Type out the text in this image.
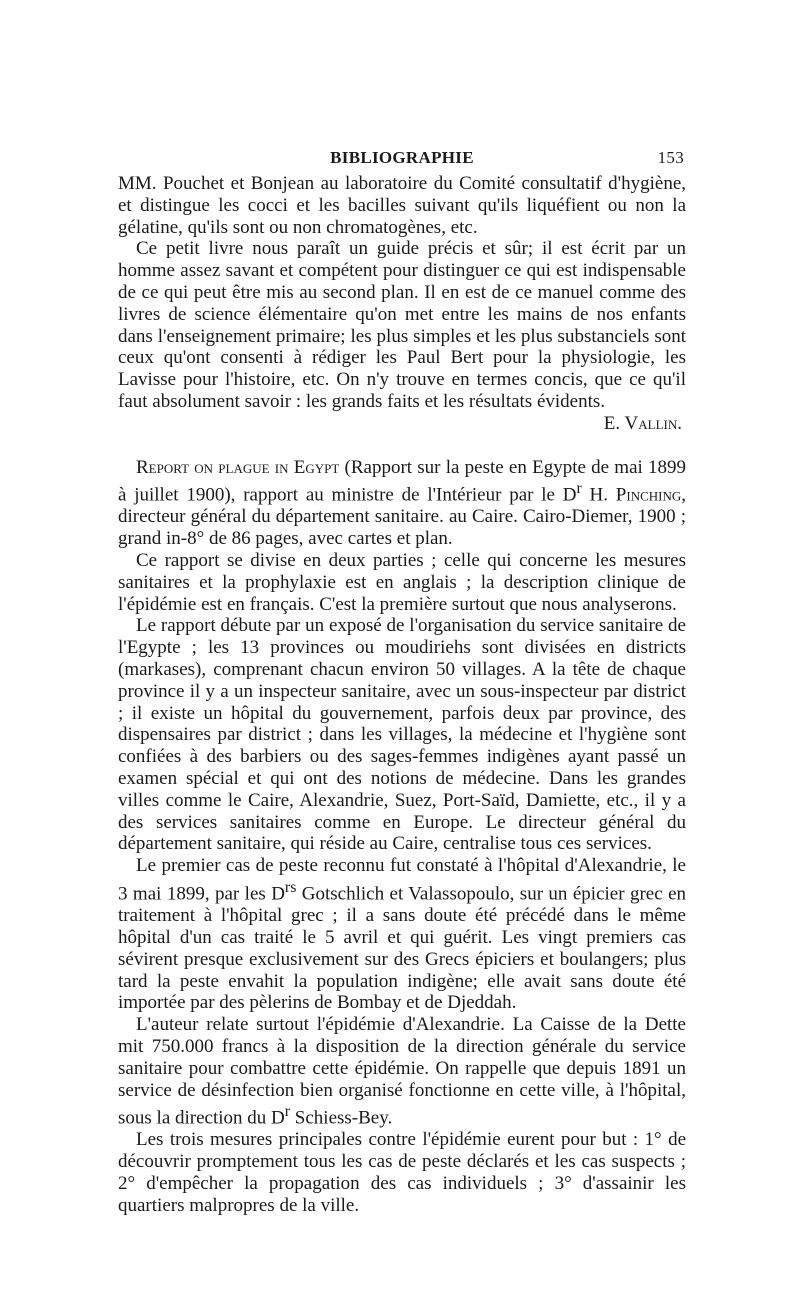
BIBLIOGRAPHIE	153

MM. Pouchet et Bonjean au laboratoire du Comité consultatif d'hygiène, et distingue les cocci et les bacilles suivant qu'ils liquéfient ou non la gélatine, qu'ils sont ou non chromatogènes, etc.

Ce petit livre nous paraît un guide précis et sûr; il est écrit par un homme assez savant et compétent pour distinguer ce qui est indispensable de ce qui peut être mis au second plan. Il en est de ce manuel comme des livres de science élémentaire qu'on met entre les mains de nos enfants dans l'enseignement primaire; les plus simples et les plus substanciels sont ceux qu'ont consenti à rédiger les Paul Bert pour la physiologie, les Lavisse pour l'histoire, etc. On n'y trouve en termes concis, que ce qu'il faut absolument savoir : les grands faits et les résultats évidents.

E. Vallin.

Report on plague in Egypt (Rapport sur la peste en Egypte de mai 1899 à juillet 1900), rapport au ministre de l'Intérieur par le $D^r$ H. Pinching, directeur général du département sanitaire. au Caire. Cairo-Diemer, 1900 ; grand in-8° de 86 pages, avec cartes et plan.

Ce rapport se divise en deux parties ; celle qui concerne les mesures sanitaires et la prophylaxie est en anglais ; la description clinique de l'épidémie est en français. C'est la première surtout que nous analyserons.

Le rapport débute par un exposé de l'organisation du service sanitaire de l'Egypte ; les 13 provinces ou moudiriehs sont divisées en districts (markases), comprenant chacun environ 50 villages. A la tête de chaque province il y a un inspecteur sanitaire, avec un sous-inspecteur par district ; il existe un hôpital du gouvernement, parfois deux par province, des dispensaires par district ; dans les villages, la médecine et l'hygiène sont confiées à des barbiers ou des sages-femmes indigènes ayant passé un examen spécial et qui ont des notions de médecine. Dans les grandes villes comme le Caire, Alexandrie, Suez, Port-Saïd, Damiette, etc., il y a des services sanitaires comme en Europe. Le directeur général du département sanitaire, qui réside au Caire, centralise tous ces services.

Le premier cas de peste reconnu fut constaté à l'hôpital d'Alexandrie, le 3 mai 1899, par les $D^{rs}$ Gotschlich et Valassopoulo, sur un épicier grec en traitement à l'hôpital grec ; il a sans doute été précédé dans le même hôpital d'un cas traité le 5 avril et qui guérit. Les vingt premiers cas sévirent presque exclusivement sur des Grecs épiciers et boulangers; plus tard la peste envahit la population indigène; elle avait sans doute été importée par des pèlerins de Bombay et de Djeddah.

L'auteur relate surtout l'épidémie d'Alexandrie. La Caisse de la Dette mit 750.000 francs à la disposition de la direction générale du service sanitaire pour combattre cette épidémie. On rappelle que depuis 1891 un service de désinfection bien organisé fonctionne en cette ville, à l'hôpital, sous la direction du $D^r$ Schiess-Bey.

Les trois mesures principales contre l'épidémie eurent pour but : 1° de découvrir promptement tous les cas de peste déclarés et les cas suspects ; 2° d'empêcher la propagation des cas individuels ; 3° d'assainir les quartiers malpropres de la ville.
